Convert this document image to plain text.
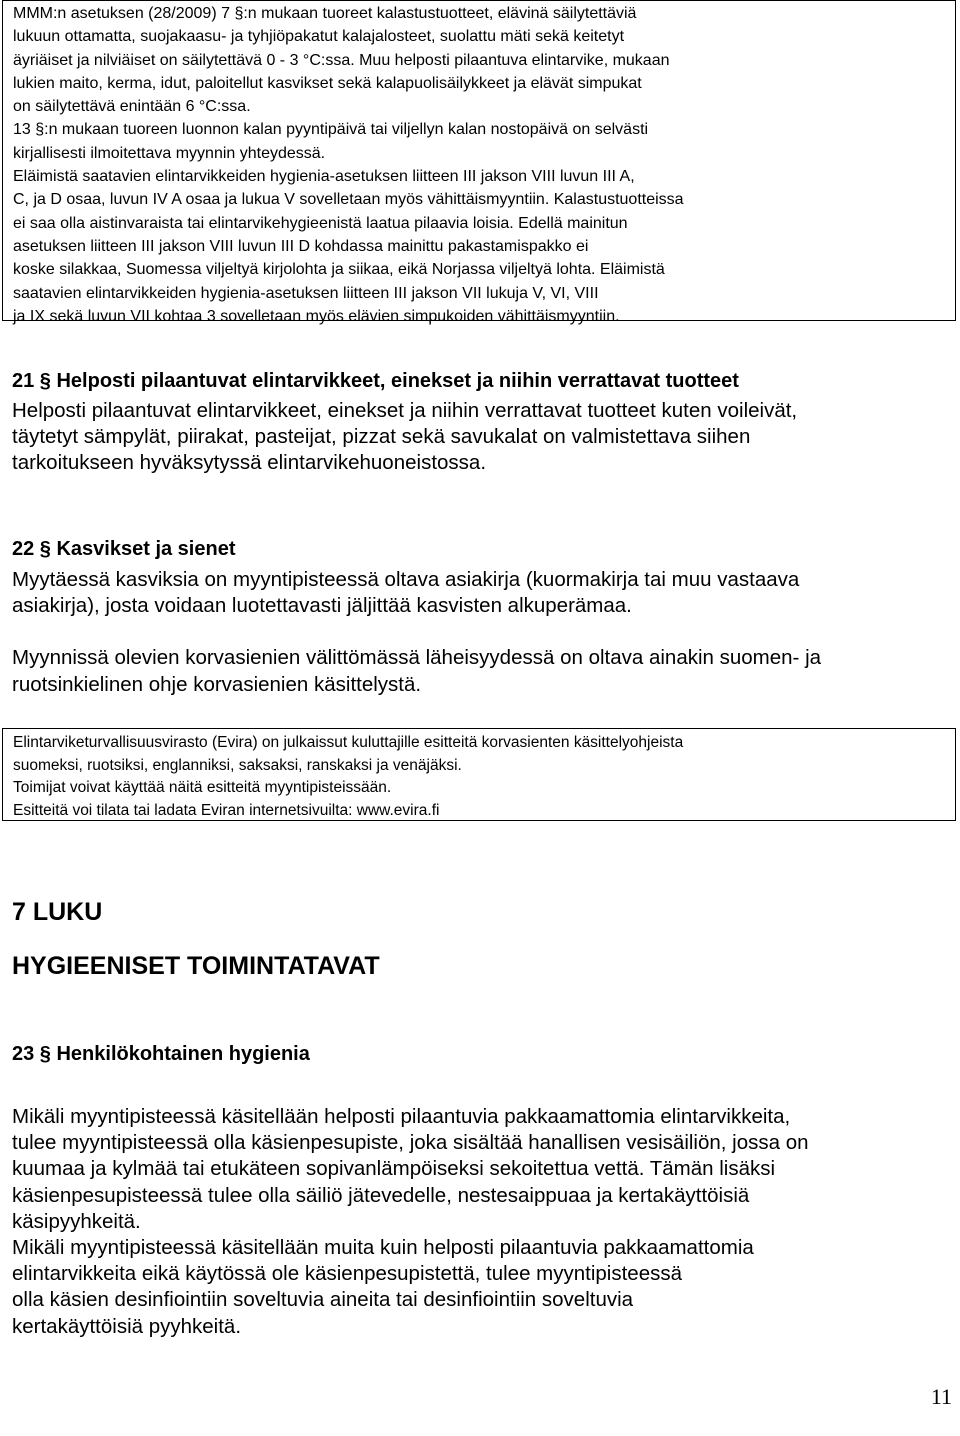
MMM:n asetuksen (28/2009) 7 §:n mukaan tuoreet kalastustuotteet, elävinä säilytettäviä

lukuun ottamatta, suojakaasu- ja tyhjiöpakatut kalajalosteet, suolattu mäti sekä keitetyt

äyriäiset ja nilviäiset on säilytettävä 0 - 3 °C:ssa. Muu helposti pilaantuva elintarvike, mukaan

lukien maito, kerma, idut, paloitellut kasvikset sekä kalapuolisäilykkeet ja elävät simpukat

on säilytettävä enintään 6 °C:ssa.

13 §:n mukaan tuoreen luonnon kalan pyyntipäivä tai viljellyn kalan nostopäivä on selvästi

kirjallisesti ilmoitettava myynnin yhteydessä.

Eläimistä saatavien elintarvikkeiden hygienia-asetuksen liitteen III jakson VIII luvun III A,

C, ja D osaa, luvun IV A osaa ja lukua V sovelletaan myös vähittäismyyntiin. Kalastustuotteissa

ei saa olla aistinvaraista tai elintarvikehygieenistä laatua pilaavia loisia. Edellä mainitun

asetuksen liitteen III jakson VIII luvun III D kohdassa mainittu pakastamispakko ei

koske silakkaa, Suomessa viljeltyä kirjolohta ja siikaa, eikä Norjassa viljeltyä lohta. Eläimistä

saatavien elintarvikkeiden hygienia-asetuksen liitteen III jakson VII lukuja V, VI, VIII

ja IX sekä luvun VII kohtaa 3 sovelletaan myös elävien simpukoiden vähittäismyyntiin.

21 § Helposti pilaantuvat elintarvikkeet, einekset ja niihin verrattavat tuotteet

Helposti pilaantuvat elintarvikkeet, einekset ja niihin verrattavat tuotteet kuten voileivät,

täytetyt sämpylät, piirakat, pasteijat, pizzat sekä savukalat on valmistettava siihen

tarkoitukseen hyväksytyssä elintarvikehuoneistossa.

22 § Kasvikset ja sienet

Myytäessä kasviksia on myyntipisteessä oltava asiakirja (kuormakirja tai muu vastaava

asiakirja), josta voidaan luotettavasti jäljittää kasvisten alkuperämaa.

Myynnissä olevien korvasienien välittömässä läheisyydessä on oltava ainakin suomen- ja

ruotsinkielinen ohje korvasienien käsittelystä.

Elintarviketurvallisuusvirasto (Evira) on julkaissut kuluttajille esitteitä korvasienten käsittelyohjeista

suomeksi, ruotsiksi, englanniksi, saksaksi, ranskaksi ja venäjäksi.

Toimijat voivat käyttää näitä esitteitä myyntipisteissään.

Esitteitä voi tilata tai ladata Eviran internetsivuilta: www.evira.fi

7 LUKU

HYGIEENISET TOIMINTATAVAT

23 § Henkilökohtainen hygienia

Mikäli myyntipisteessä käsitellään helposti pilaantuvia pakkaamattomia elintarvikkeita,

tulee myyntipisteessä olla käsienpesupiste, joka sisältää hanallisen vesisäiliön, jossa on

kuumaa ja kylmää tai etukäteen sopivanlämpöiseksi sekoitettua vettä. Tämän lisäksi

käsienpesupisteessä tulee olla säiliö jätevedelle, nestesaippuaa ja kertakäyttöisiä

käsipyyhkeitä.

Mikäli myyntipisteessä käsitellään muita kuin helposti pilaantuvia pakkaamattomia

elintarvikkeita eikä käytössä ole käsienpesupistettä, tulee myyntipisteessä

olla käsien desinfiointiin soveltuvia aineita tai desinfiointiin soveltuvia

kertakäyttöisiä pyyhkeitä.

11
